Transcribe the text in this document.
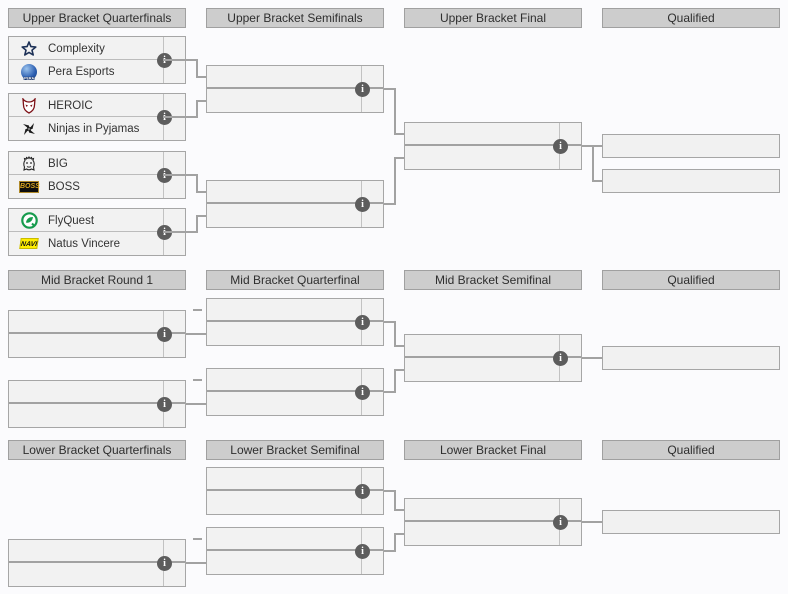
Upper Bracket Quarterfinals	Upper Bracket Semifinals	Upper Bracket Final	Qualified
Complexity
PERA
Pera Esports
HEROIC
Ninjas in Pyjamas
BIG
BOSS BOSS
FlyQuest
NAVI Natus Vincere
i
i
i
Mid Bracket Round 1	Mid Bracket Quarterfinal	Mid Bracket Semifinal	Qualified
i
i
i
i
i
Lower Bracket Quarterfinals	Lower Bracket Semifinal	Lower Bracket Final	Qualified
i
i
i
i
